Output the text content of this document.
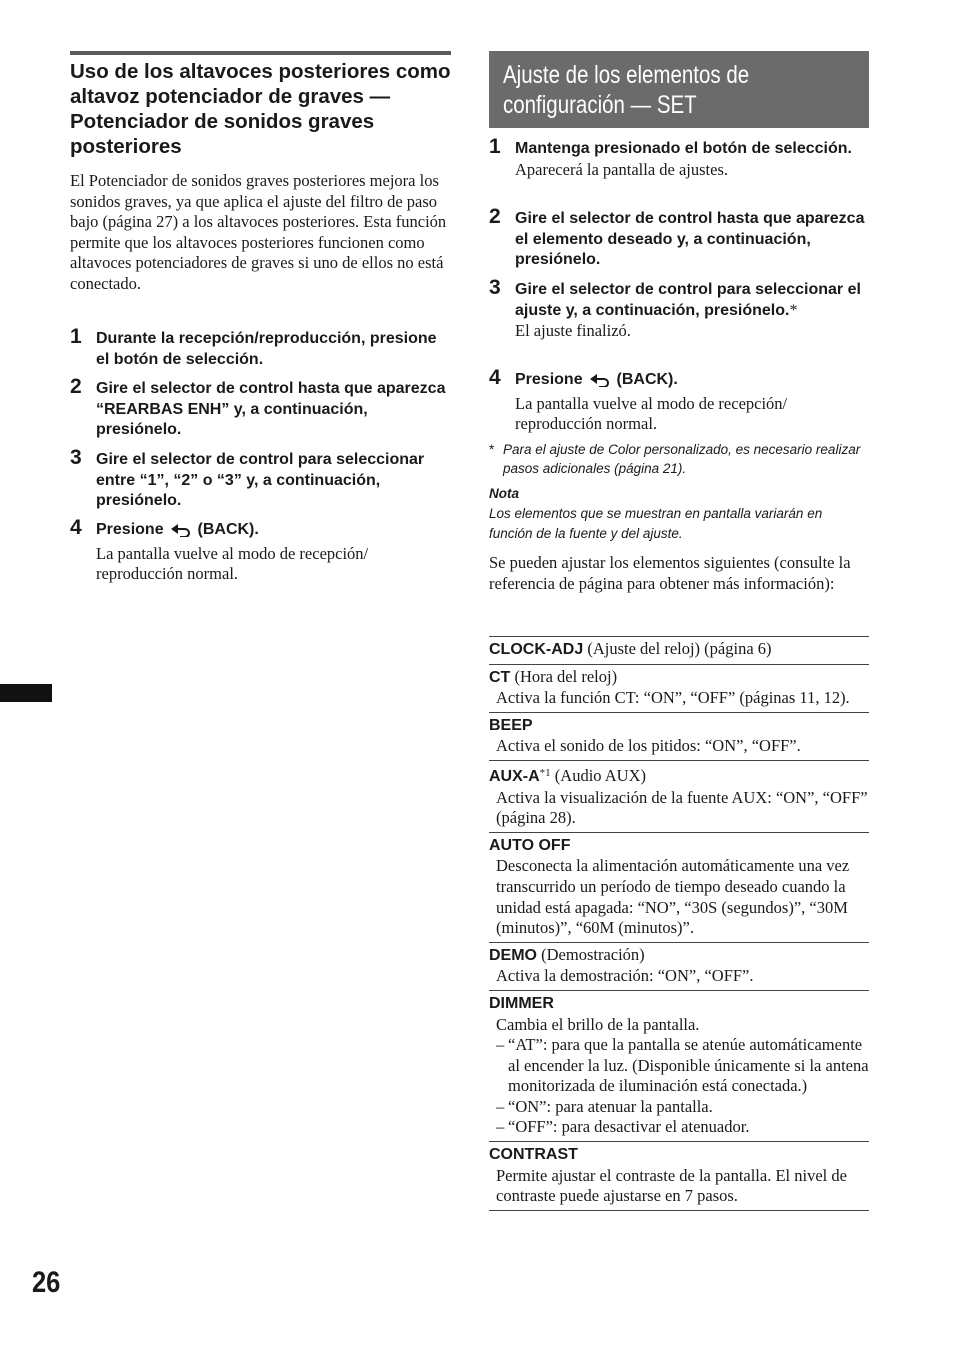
Uso de los altavoces posteriores como altavoz potenciador de graves — Potenciador de sonidos graves posteriores

El Potenciador de sonidos graves posteriores mejora los sonidos graves, ya que aplica el ajuste del filtro de paso bajo (página 27) a los altavoces posteriores. Esta función permite que los altavoces posteriores funcionen como altavoces potenciadores de graves si uno de ellos no está conectado.

1 Durante la recepción/reproducción, presione el botón de selección.
2 Gire el selector de control hasta que aparezca “REARBAS ENH” y, a continuación, presiónelo.
3 Gire el selector de control para seleccionar entre “1”, “2” o “3” y, a continuación, presiónelo.
4 Presione (BACK).
La pantalla vuelve al modo de recepción/ reproducción normal.
Ajuste de los elementos de
configuración — SET
1 Mantenga presionado el botón de selección.
Aparecerá la pantalla de ajustes.
2 Gire el selector de control hasta que aparezca el elemento deseado y, a continuación, presiónelo.
3 Gire el selector de control para seleccionar el ajuste y, a continuación, presiónelo.*
El ajuste finalizó.
4 Presione (BACK).
La pantalla vuelve al modo de recepción/ reproducción normal.
* Para el ajuste de Color personalizado, es necesario realizar pasos adicionales (página 21).
Nota
Los elementos que se muestran en pantalla variarán en función de la fuente y del ajuste.
Se pueden ajustar los elementos siguientes (consulte la referencia de página para obtener más información):
CLOCK-ADJ (Ajuste del reloj) (página 6)
CT (Hora del reloj)
Activa la función CT: “ON”, “OFF” (páginas 11, 12).
BEEP
Activa el sonido de los pitidos: “ON”, “OFF”.
AUX-$A^{*1}$ (Audio AUX)
Activa la visualización de la fuente AUX: “ON”, “OFF” (página 28).
AUTO OFF
Desconecta la alimentación automáticamente una vez transcurrido un período de tiempo deseado cuando la unidad está apagada: “NO”, “30S (segundos)”, “30M (minutos)”, “60M (minutos)”.
DEMO (Demostración)
Activa la demostración: “ON”, “OFF”.
DIMMER
Cambia el brillo de la pantalla.
– “AT”: para que la pantalla se atenúe automáticamente al encender la luz. (Disponible únicamente si la antena monitorizada de iluminación está conectada.)
– “ON”: para atenuar la pantalla.
– “OFF”: para desactivar el atenuador.
CONTRAST
Permite ajustar el contraste de la pantalla. El nivel de contraste puede ajustarse en 7 pasos.
26
